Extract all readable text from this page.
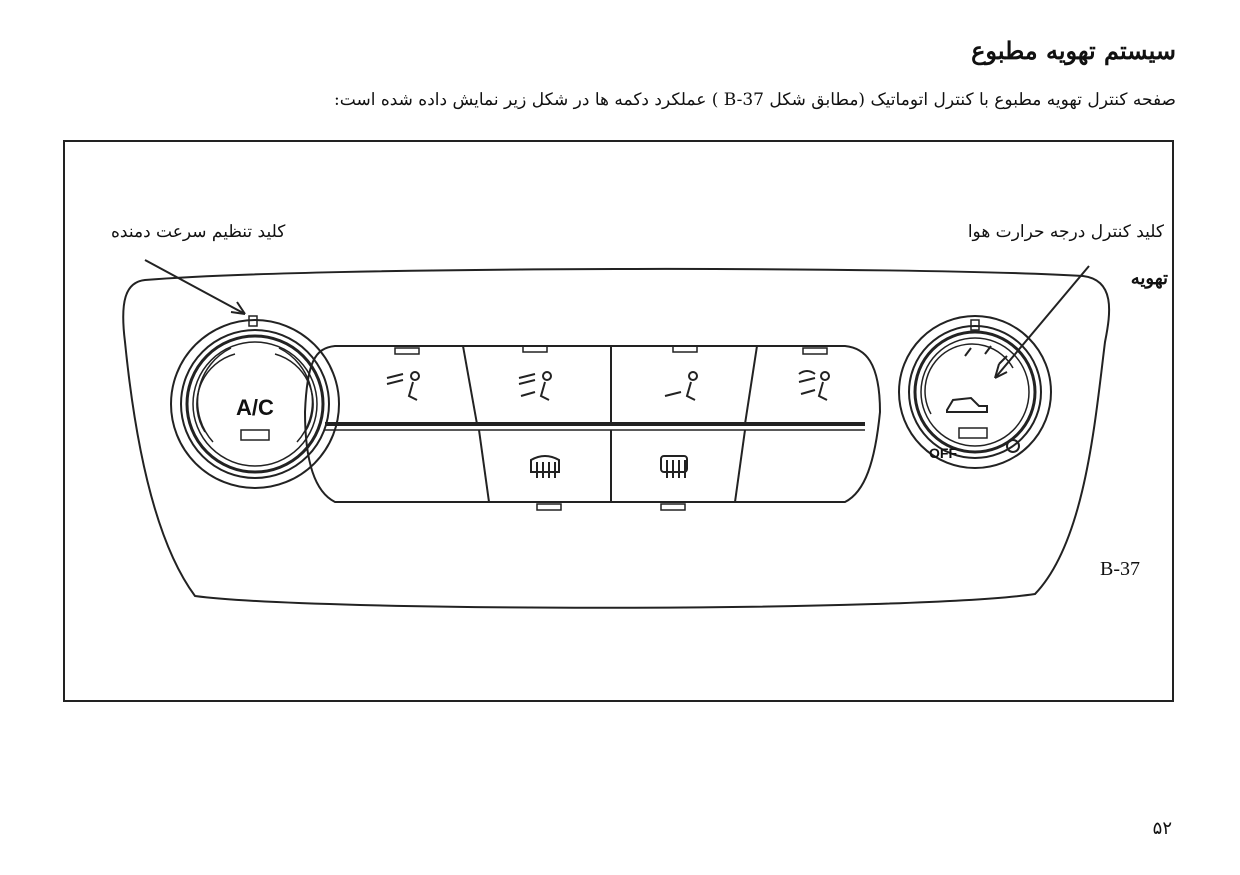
سیستم تهویه مطبوع
صفحه کنترل تهویه مطبوع با کنترل اتوماتیک (مطابق شکل B-37 ) عملکرد دکمه ها در شکل زیر نمایش داده شده است:
A/C
OFF
کلید کنترل درجه حرارت هوا
تهویه
کلید تنظیم سرعت دمنده
B-37
۵۲
